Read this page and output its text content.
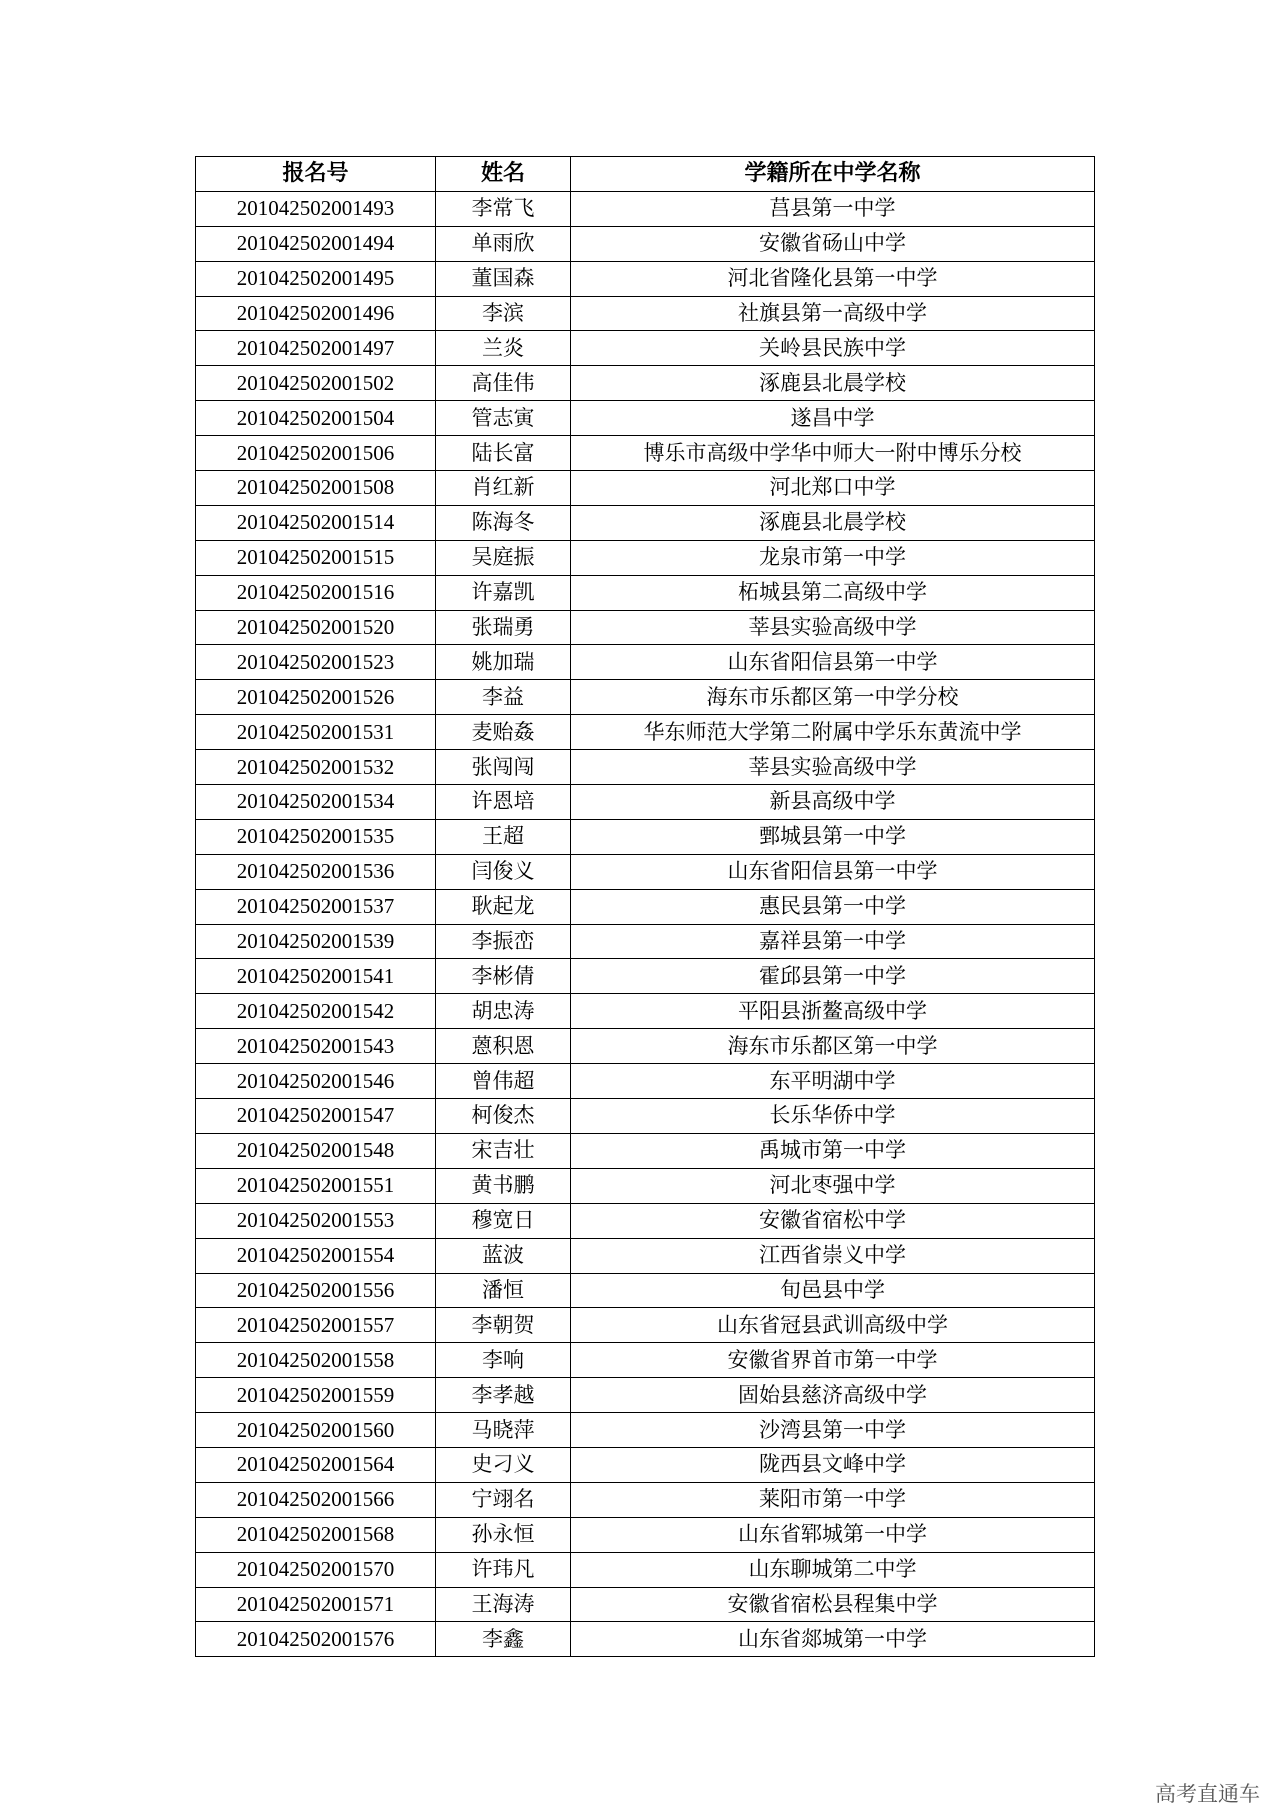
报名号	姓名	学籍所在中学名称
201042502001493	李常飞	莒县第一中学
201042502001494	单雨欣	安徽省砀山中学
201042502001495	董国森	河北省隆化县第一中学
201042502001496	李滨	社旗县第一高级中学
201042502001497	兰炎	关岭县民族中学
201042502001502	高佳伟	涿鹿县北晨学校
201042502001504	管志寅	遂昌中学
201042502001506	陆长富	博乐市高级中学华中师大一附中博乐分校
201042502001508	肖红新	河北郑口中学
201042502001514	陈海冬	涿鹿县北晨学校
201042502001515	吴庭振	龙泉市第一中学
201042502001516	许嘉凯	柘城县第二高级中学
201042502001520	张瑞勇	莘县实验高级中学
201042502001523	姚加瑞	山东省阳信县第一中学
201042502001526	李益	海东市乐都区第一中学分校
201042502001531	麦贻姦	华东师范大学第二附属中学乐东黄流中学
201042502001532	张闯闯	莘县实验高级中学
201042502001534	许恩培	新县高级中学
201042502001535	王超	鄄城县第一中学
201042502001536	闫俊义	山东省阳信县第一中学
201042502001537	耿起龙	惠民县第一中学
201042502001539	李振峦	嘉祥县第一中学
201042502001541	李彬倩	霍邱县第一中学
201042502001542	胡忠涛	平阳县浙鳌高级中学
201042502001543	蒽积恩	海东市乐都区第一中学
201042502001546	曾伟超	东平明湖中学
201042502001547	柯俊杰	长乐华侨中学
201042502001548	宋吉壮	禹城市第一中学
201042502001551	黄书鹏	河北枣强中学
201042502001553	穆宽日	安徽省宿松中学
201042502001554	蓝波	江西省崇义中学
201042502001556	潘恒	旬邑县中学
201042502001557	李朝贺	山东省冠县武训高级中学
201042502001558	李响	安徽省界首市第一中学
201042502001559	李孝越	固始县慈济高级中学
201042502001560	马晓萍	沙湾县第一中学
201042502001564	史刁义	陇西县文峰中学
201042502001566	宁翊名	莱阳市第一中学
201042502001568	孙永恒	山东省郓城第一中学
201042502001570	许玮凡	山东聊城第二中学
201042502001571	王海涛	安徽省宿松县程集中学
201042502001576	李鑫	山东省郯城第一中学
高考直通车
